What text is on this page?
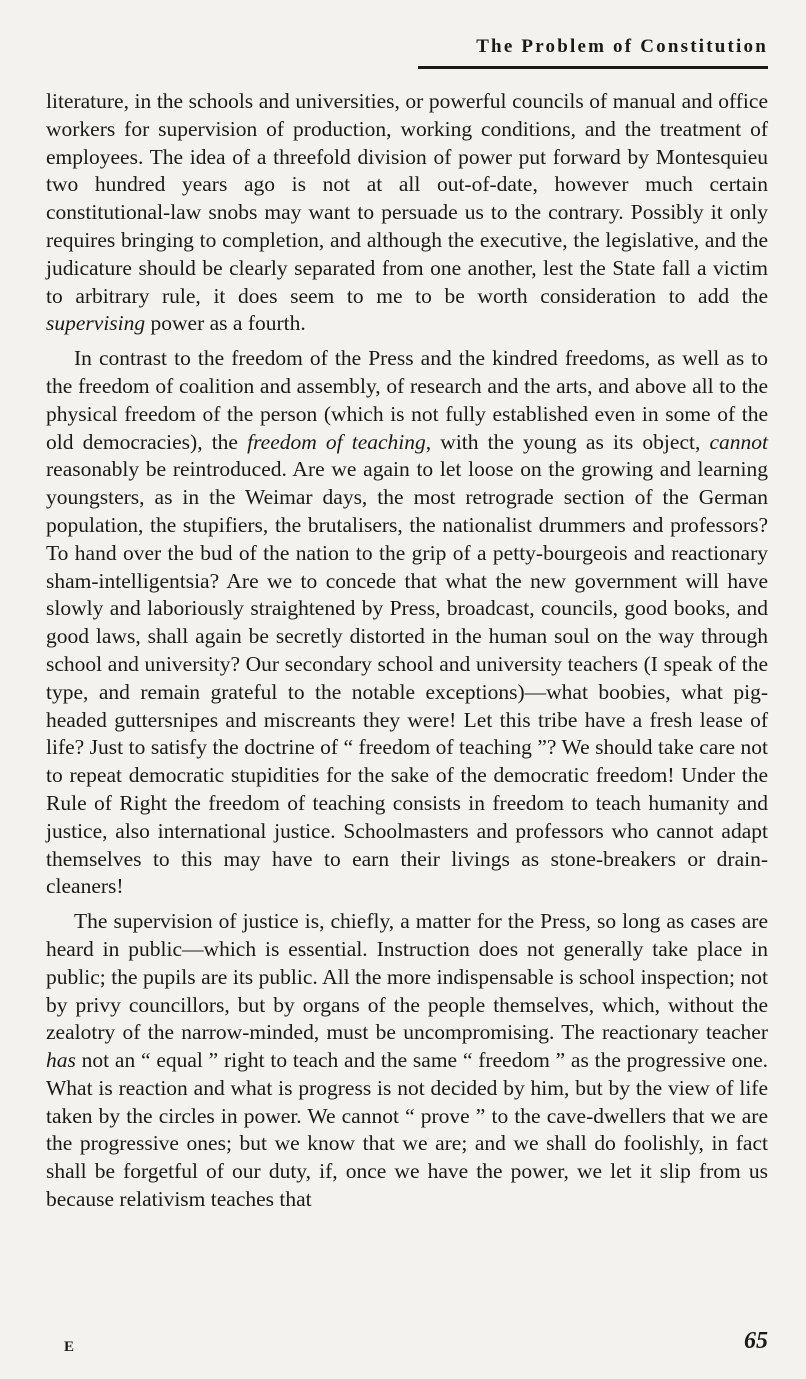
The Problem of Constitution

literature, in the schools and universities, or powerful councils of manual and office workers for supervision of production, working conditions, and the treatment of employees. The idea of a threefold division of power put forward by Montesquieu two hundred years ago is not at all out-of-date, however much certain constitutional-law snobs may want to persuade us to the contrary. Possibly it only requires bringing to completion, and although the executive, the legislative, and the judicature should be clearly separated from one another, lest the State fall a victim to arbitrary rule, it does seem to me to be worth consideration to add the supervising power as a fourth.

In contrast to the freedom of the Press and the kindred freedoms, as well as to the freedom of coalition and assembly, of research and the arts, and above all to the physical freedom of the person (which is not fully established even in some of the old democracies), the freedom of teaching, with the young as its object, cannot reasonably be reintroduced. Are we again to let loose on the growing and learning youngsters, as in the Weimar days, the most retrograde section of the German population, the stupifiers, the brutalisers, the nationalist drummers and professors? To hand over the bud of the nation to the grip of a petty-bourgeois and reactionary sham-intelligentsia? Are we to concede that what the new government will have slowly and laboriously straightened by Press, broadcast, councils, good books, and good laws, shall again be secretly distorted in the human soul on the way through school and university? Our secondary school and university teachers (I speak of the type, and remain grateful to the notable exceptions)—what boobies, what pig-headed guttersnipes and miscreants they were! Let this tribe have a fresh lease of life? Just to satisfy the doctrine of “ freedom of teaching ”? We should take care not to repeat democratic stupidities for the sake of the democratic freedom! Under the Rule of Right the freedom of teaching consists in freedom to teach humanity and justice, also international justice. Schoolmasters and professors who cannot adapt themselves to this may have to earn their livings as stone-breakers or drain-cleaners!

The supervision of justice is, chiefly, a matter for the Press, so long as cases are heard in public—which is essential. Instruction does not generally take place in public; the pupils are its public. All the more indispensable is school inspection; not by privy councillors, but by organs of the people themselves, which, without the zealotry of the narrow-minded, must be uncompromising. The reactionary teacher has not an “ equal ” right to teach and the same “ freedom ” as the progressive one. What is reaction and what is progress is not decided by him, but by the view of life taken by the circles in power. We cannot “ prove ” to the cave-dwellers that we are the progressive ones; but we know that we are; and we shall do foolishly, in fact shall be forgetful of our duty, if, once we have the power, we let it slip from us because relativism teaches that

E	65
